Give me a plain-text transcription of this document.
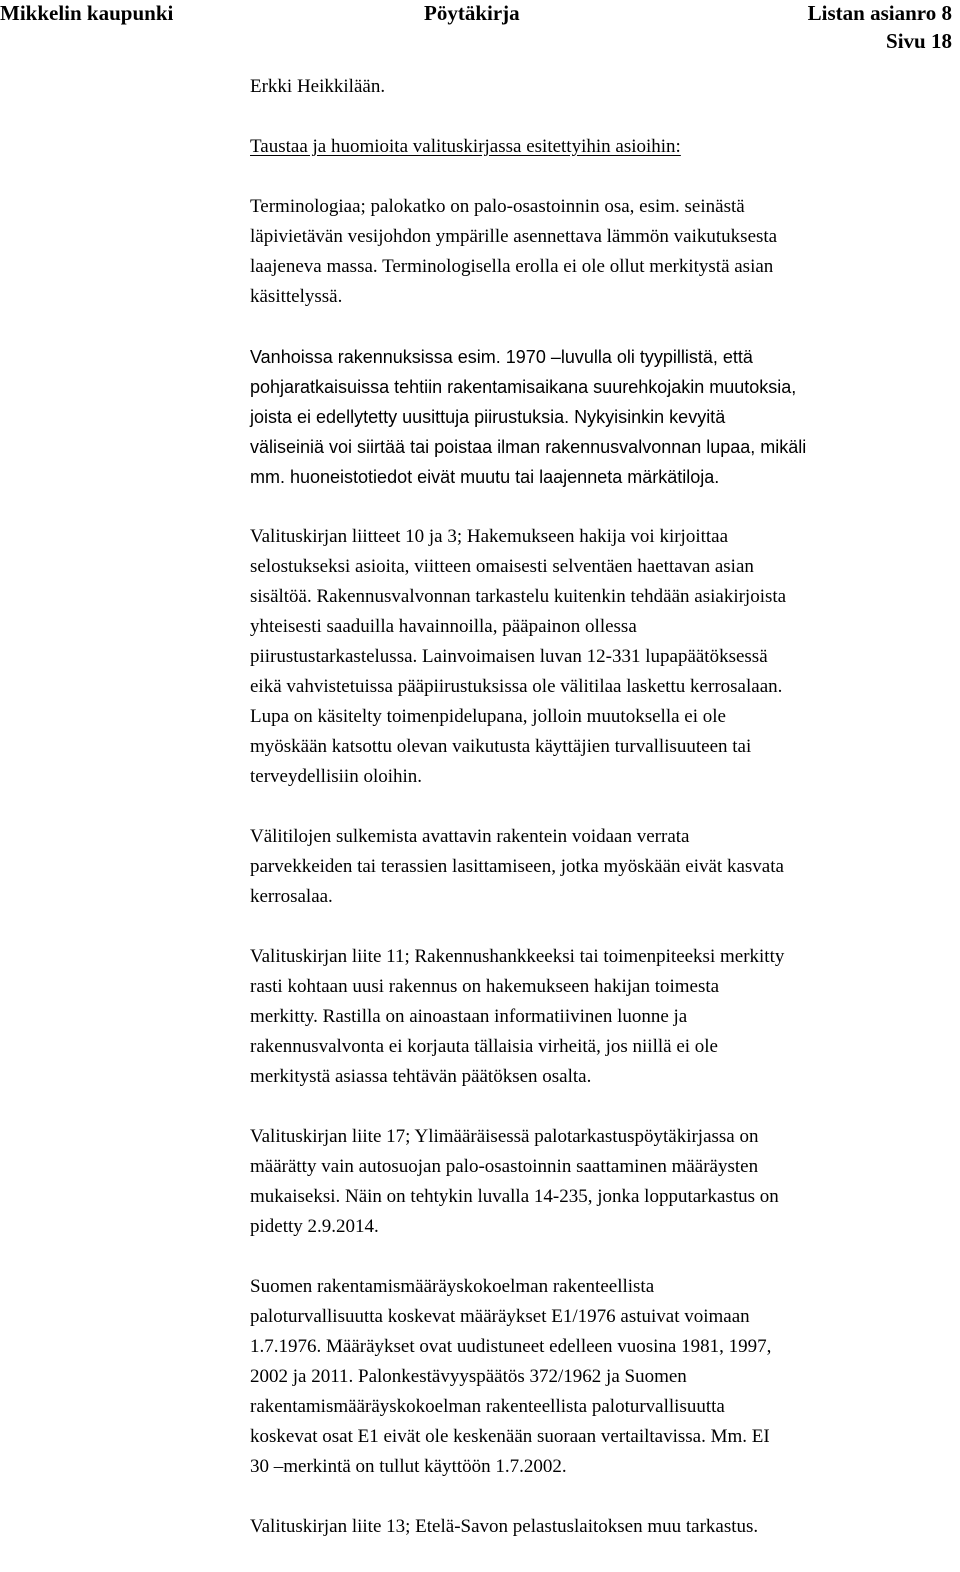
Mikkelin kaupunki	Pöytäkirja	Listan asianro 8
Sivu 18

Erkki Heikkilään.

Taustaa ja huomioita valituskirjassa esitettyihin asioihin:

Terminologiaa; palokatko on palo-osastoinnin osa, esim. seinästä
läpivietävän vesijohdon ympärille asennettava lämmön vaikutuksesta
laajeneva massa. Terminologisella erolla ei ole ollut merkitystä asian
käsittelyssä.

Vanhoissa rakennuksissa esim. 1970 –luvulla oli tyypillistä, että
pohjaratkaisuissa tehtiin rakentamisaikana suurehkojakin muutoksia,
joista ei edellytetty uusittuja piirustuksia. Nykyisinkin kevyitä
väliseiniä voi siirtää tai poistaa ilman rakennusvalvonnan lupaa, mikäli
mm. huoneistotiedot eivät muutu tai laajenneta märkätiloja.

Valituskirjan liitteet 10 ja 3; Hakemukseen hakija voi kirjoittaa
selostukseksi asioita, viitteen omaisesti selventäen haettavan asian
sisältöä. Rakennusvalvonnan tarkastelu kuitenkin tehdään asiakirjoista
yhteisesti saaduilla havainnoilla, pääpainon ollessa
piirustustarkastelussa. Lainvoimaisen luvan 12-331 lupapäätöksessä
eikä vahvistetuissa pääpiirustuksissa ole välitilaa laskettu kerrosalaan.
Lupa on käsitelty toimenpidelupana, jolloin muutoksella ei ole
myöskään katsottu olevan vaikutusta käyttäjien turvallisuuteen tai
terveydellisiin oloihin.

Välitilojen sulkemista avattavin rakentein voidaan verrata
parvekkeiden tai terassien lasittamiseen, jotka myöskään eivät kasvata
kerrosalaa.

Valituskirjan liite 11; Rakennushankkeeksi tai toimenpiteeksi merkitty
rasti kohtaan uusi rakennus on hakemukseen hakijan toimesta
merkitty. Rastilla on ainoastaan informatiivinen luonne ja
rakennusvalvonta ei korjauta tällaisia virheitä, jos niillä ei ole
merkitystä asiassa tehtävän päätöksen osalta.

Valituskirjan liite 17; Ylimääräisessä palotarkastuspöytäkirjassa on
määrätty vain autosuojan palo-osastoinnin saattaminen määräysten
mukaiseksi. Näin on tehtykin luvalla 14-235, jonka lopputarkastus on
pidetty 2.9.2014.

Suomen rakentamismääräyskokoelman rakenteellista
paloturvallisuutta koskevat määräykset E1/1976 astuivat voimaan
1.7.1976. Määräykset ovat uudistuneet edelleen vuosina 1981, 1997,
2002 ja 2011. Palonkestävyyspäätös 372/1962 ja Suomen
rakentamismääräyskokoelman rakenteellista paloturvallisuutta
koskevat osat E1 eivät ole keskenään suoraan vertailtavissa. Mm. EI
30 –merkintä on tullut käyttöön 1.7.2002.

Valituskirjan liite 13; Etelä-Savon pelastuslaitoksen muu tarkastus.
